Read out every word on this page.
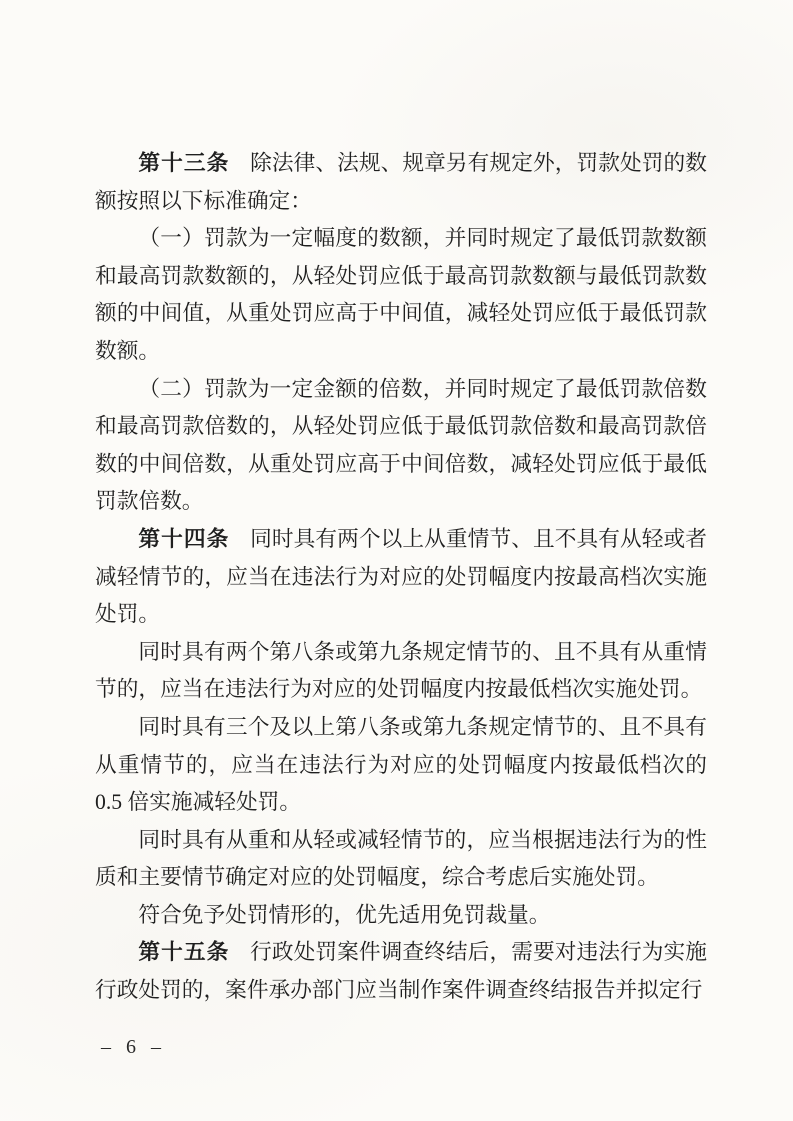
第十三条 除法律、法规、规章另有规定外，罚款处罚的数
额按照以下标准确定：
（一）罚款为一定幅度的数额，并同时规定了最低罚款数额
和最高罚款数额的，从轻处罚应低于最高罚款数额与最低罚款数
额的中间值，从重处罚应高于中间值，减轻处罚应低于最低罚款
数额。
（二）罚款为一定金额的倍数，并同时规定了最低罚款倍数
和最高罚款倍数的，从轻处罚应低于最低罚款倍数和最高罚款倍
数的中间倍数，从重处罚应高于中间倍数，减轻处罚应低于最低
罚款倍数。
第十四条 同时具有两个以上从重情节、且不具有从轻或者
减轻情节的，应当在违法行为对应的处罚幅度内按最高档次实施
处罚。
同时具有两个第八条或第九条规定情节的、且不具有从重情
节的，应当在违法行为对应的处罚幅度内按最低档次实施处罚。
同时具有三个及以上第八条或第九条规定情节的、且不具有
从重情节的，应当在违法行为对应的处罚幅度内按最低档次的
0.5 倍实施减轻处罚。
同时具有从重和从轻或减轻情节的，应当根据违法行为的性
质和主要情节确定对应的处罚幅度，综合考虑后实施处罚。
符合免予处罚情形的，优先适用免罚裁量。
第十五条 行政处罚案件调查终结后，需要对违法行为实施
行政处罚的，案件承办部门应当制作案件调查终结报告并拟定行
– 6 –
